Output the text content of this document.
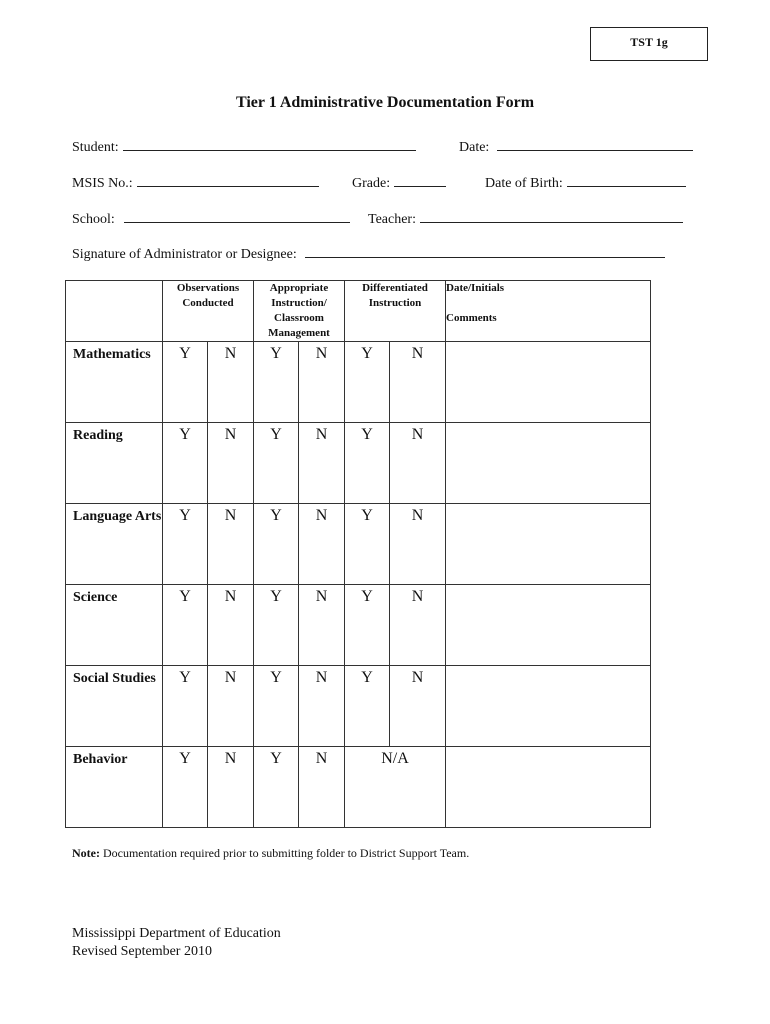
TST 1g
Tier 1 Administrative Documentation Form
Student:	Date:
MSIS No.:	Grade:	Date of Birth:
School:	Teacher:
Signature of Administrator or Designee:
	Observations Conducted		Appropriate Instruction/ Classroom Management		Differentiated Instruction		Date/Initials
Comments

Mathematics	Y	N	Y	N	Y	N	
Reading	Y	N	Y	N	Y	N	
Language Arts	Y	N	Y	N	Y	N	
Science	Y	N	Y	N	Y	N	
Social Studies	Y	N	Y	N	Y	N	
Behavior	Y	N	Y	N	N/A		
Note: Documentation required prior to submitting folder to District Support Team.
Mississippi Department of Education
Revised September 2010
